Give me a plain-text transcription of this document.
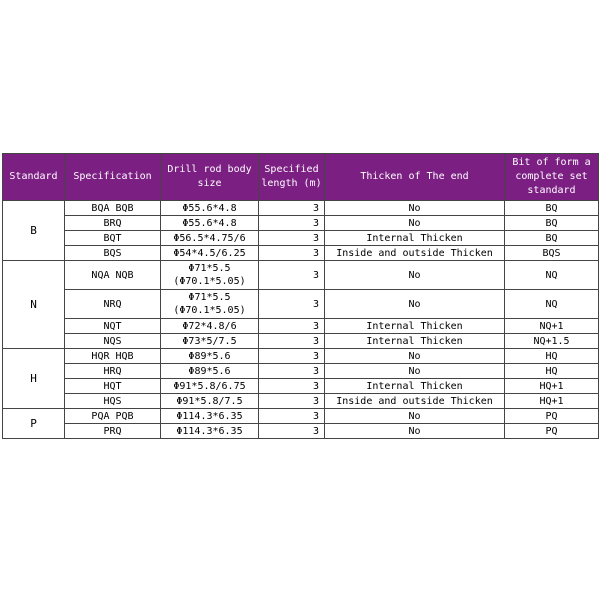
Standard	Specification	Drill rod body size	Specified length (m)	Thicken of The end	Bit of form a complete set standard
B	BQA BQB	Φ55.6*4.8	3	No	BQ
	BRQ	Φ55.6*4.8	3	No	BQ
	BQT	Φ56.5*4.75/6	3	Internal Thicken	BQ
	BQS	Φ54*4.5/6.25	3	Inside and outside Thicken	BQS
N	NQA NQB	Φ71*5.5 (Φ70.1*5.05)	3	No	NQ
	NRQ	Φ71*5.5 (Φ70.1*5.05)	3	No	NQ
	NQT	Φ72*4.8/6	3	Internal Thicken	NQ+1
	NQS	Φ73*5/7.5	3	Internal Thicken	NQ+1.5
H	HQR HQB	Φ89*5.6	3	No	HQ
	HRQ	Φ89*5.6	3	No	HQ
	HQT	Φ91*5.8/6.75	3	Internal Thicken	HQ+1
	HQS	Φ91*5.8/7.5	3	Inside and outside Thicken	HQ+1
P	PQA PQB	Φ114.3*6.35	3	No	PQ
	PRQ	Φ114.3*6.35	3	No	PQ
